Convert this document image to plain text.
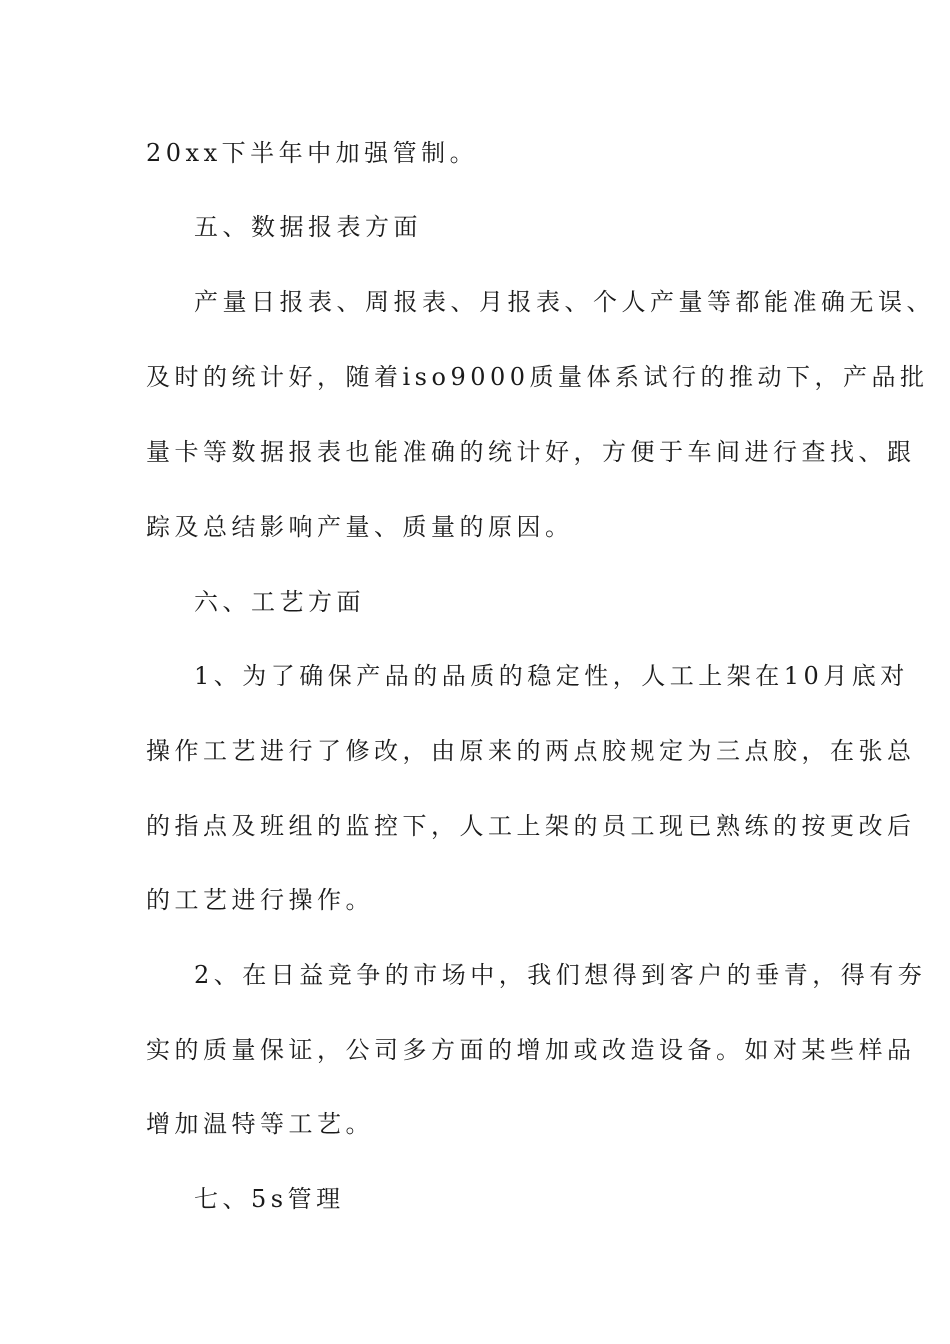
20xx下半年中加强管制。
五、数据报表方面
产量日报表、周报表、月报表、个人产量等都能准确无误、
及时的统计好，随着iso9000质量体系试行的推动下，产品批
量卡等数据报表也能准确的统计好，方便于车间进行查找、跟
踪及总结影响产量、质量的原因。
六、工艺方面
1、为了确保产品的品质的稳定性，人工上架在10月底对
操作工艺进行了修改，由原来的两点胶规定为三点胶，在张总
的指点及班组的监控下，人工上架的员工现已熟练的按更改后
的工艺进行操作。
2、在日益竞争的市场中，我们想得到客户的垂青，得有夯
实的质量保证，公司多方面的增加或改造设备。如对某些样品
增加温特等工艺。
七、5s管理
